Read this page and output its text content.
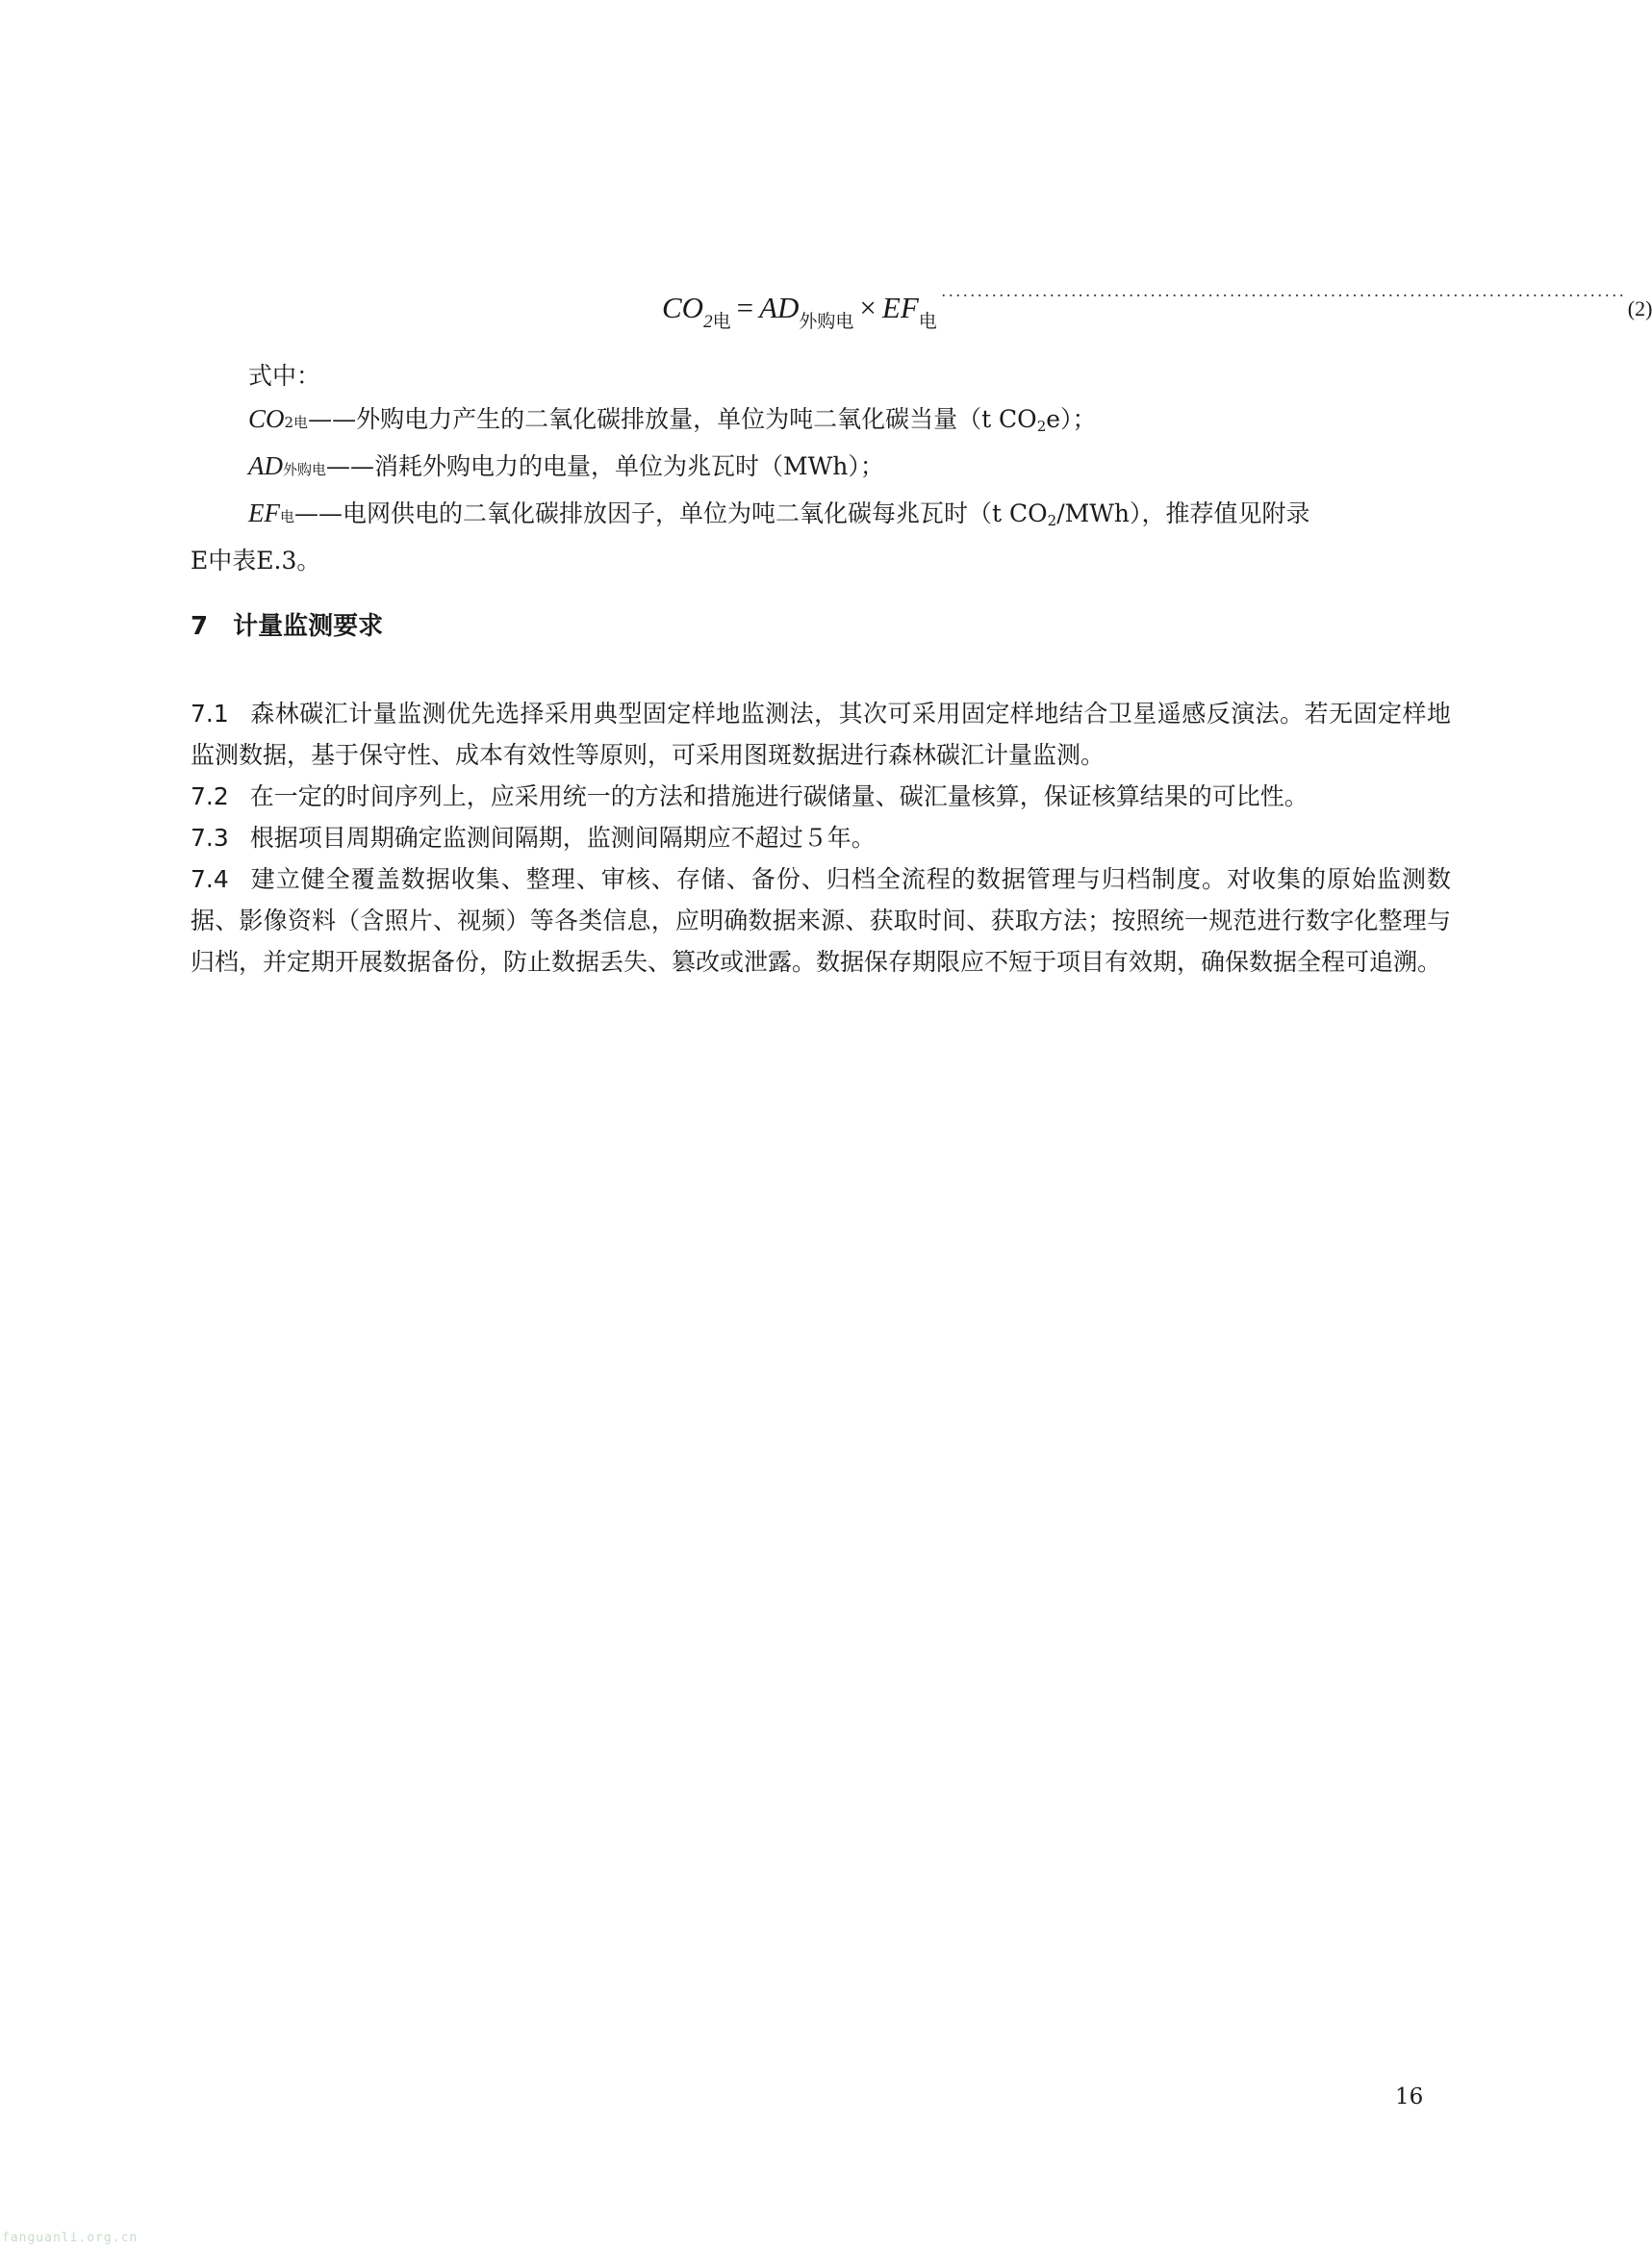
CO 2电 = AD 外购电 × EF 电
·······························································································
(2)
式中：
CO2电——外购电力产生的二氧化碳排放量，单位为吨二氧化碳当量（t CO2e）；
AD外购电——消耗外购电力的电量，单位为兆瓦时（MWh）；
EF电——电网供电的二氧化碳排放因子，单位为吨二氧化碳每兆瓦时（t CO2/MWh），推荐值见附录
E中表E.3。
7 计量监测要求

7.1 森林碳汇计量监测优先选择采用典型固定样地监测法，其次可采用固定样地结合卫星遥感反演法。若无固定样地监测数据，基于保守性、成本有效性等原则，可采用图斑数据进行森林碳汇计量监测。

7.2 在一定的时间序列上，应采用统一的方法和措施进行碳储量、碳汇量核算，保证核算结果的可比性。

7.3 根据项目周期确定监测间隔期，监测间隔期应不超过５年。

7.4 建立健全覆盖数据收集、整理、审核、存储、备份、归档全流程的数据管理与归档制度。对收集的原始监测数据、影像资料（含照片、视频）等各类信息，应明确数据来源、获取时间、获取方法；按照统一规范进行数字化整理与归档，并定期开展数据备份，防止数据丢失、篡改或泄露。数据保存期限应不短于项目有效期，确保数据全程可追溯。

16
fanguanli.org.cn
